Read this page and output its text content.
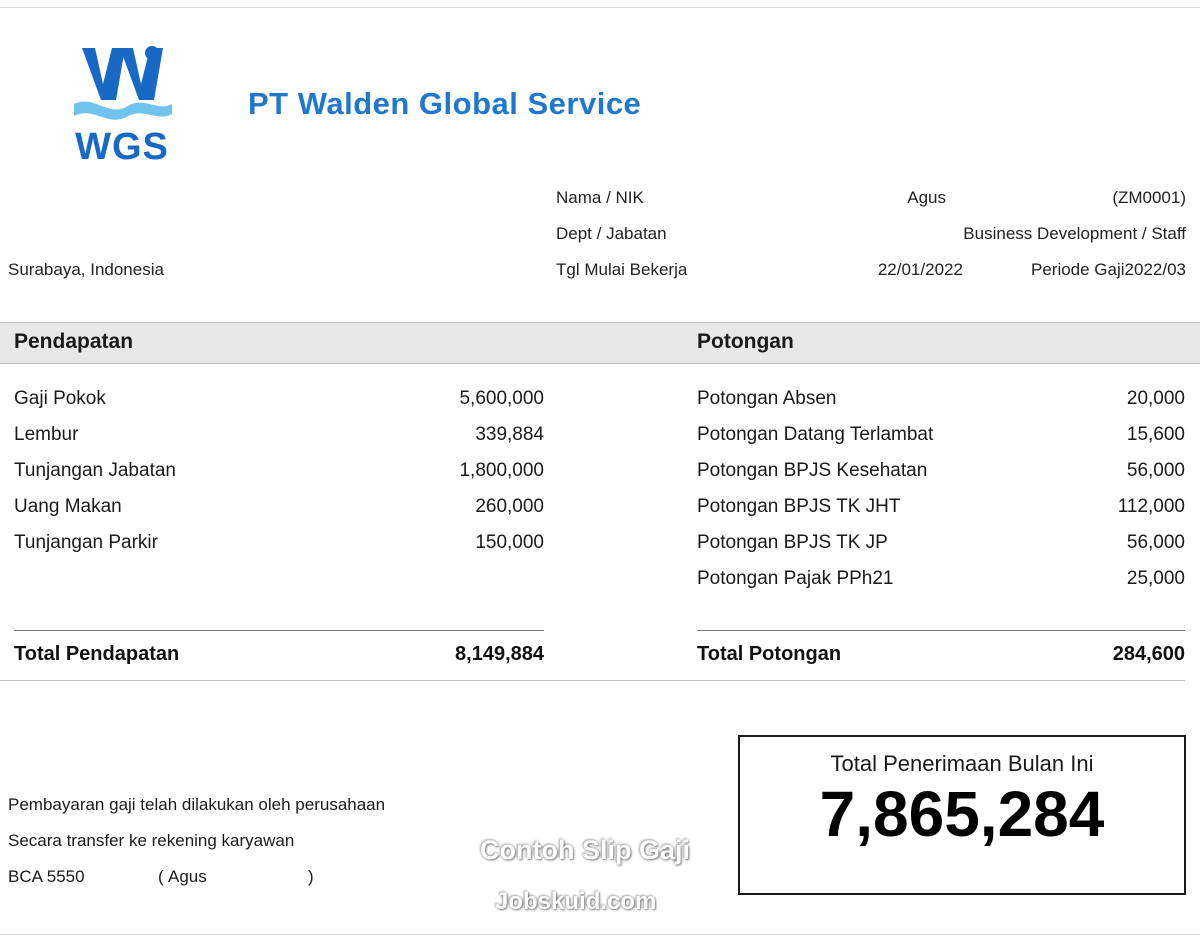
WGS
PT Walden Global Service
Surabaya, Indonesia
Nama / NIK	Agus	(ZM0001)
Dept / Jabatan	Business Development / Staff
Tgl Mulai Bekerja	22/01/2022	Periode Gaji 2022/03
Pendapatan	Potongan
Gaji Pokok	5,600,000
Lembur	339,884
Tunjangan Jabatan	1,800,000
Uang Makan	260,000
Tunjangan Parkir	150,000
Potongan Absen	20,000
Potongan Datang Terlambat	15,600
Potongan BPJS Kesehatan	56,000
Potongan BPJS TK JHT	112,000
Potongan BPJS TK JP	56,000
Potongan Pajak PPh21	25,000
Total Pendapatan	8,149,884	Total Potongan	284,600
Pembayaran gaji telah dilakukan oleh perusahaan
Secara transfer ke rekening karyawan
BCA 5550	( Agus	)
Total Penerimaan Bulan Ini
7,865,284
Contoh Slip Gaji
Jobskuid.com
